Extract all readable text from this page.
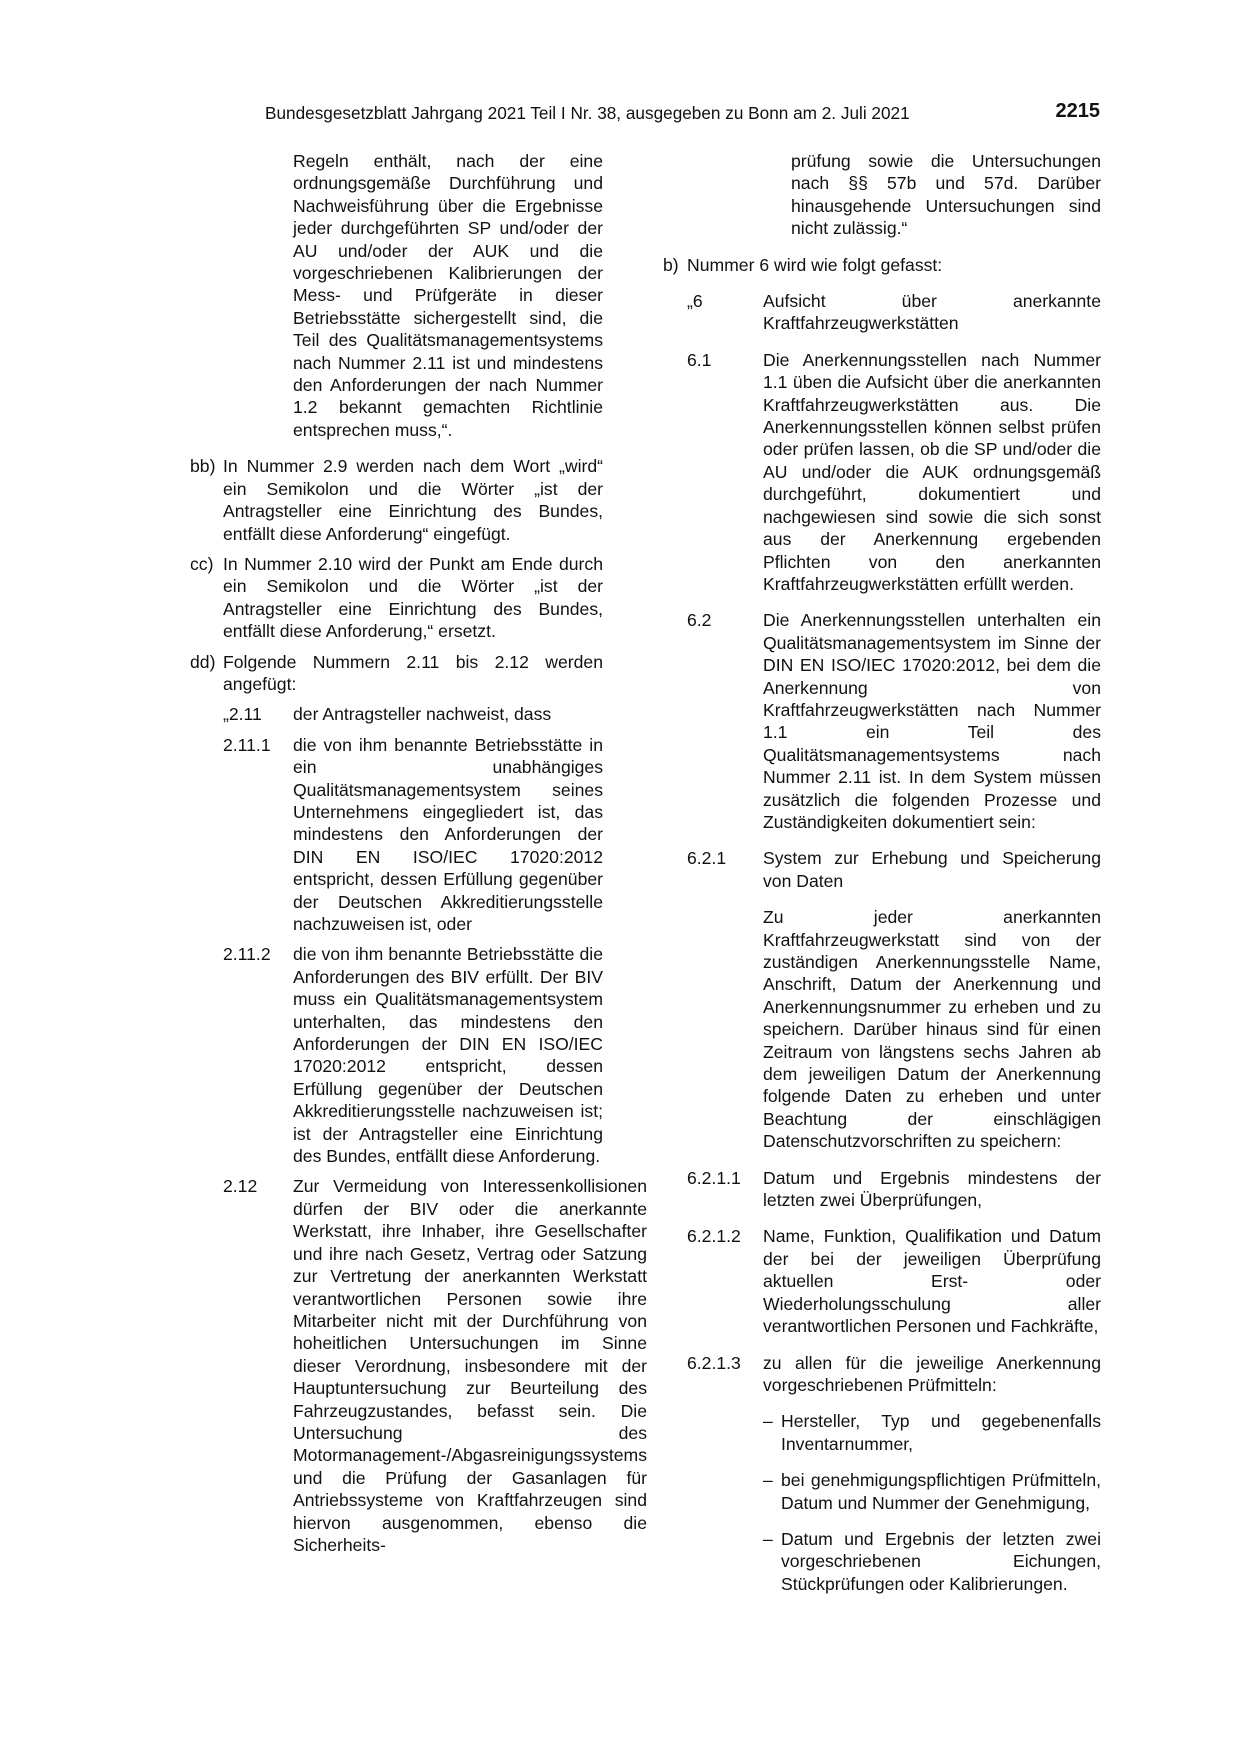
Bundesgesetzblatt Jahrgang 2021 Teil I Nr. 38, ausgegeben zu Bonn am 2. Juli 2021	2215

Regeln enthält, nach der eine ordnungsgemäße Durchführung und Nachweisführung über die Ergebnisse jeder durchgeführten SP und/oder der AU und/oder der AUK und die vorgeschriebenen Kalibrierungen der Mess- und Prüfgeräte in dieser Betriebsstätte sichergestellt sind, die Teil des Qualitätsmanagementsystems nach Nummer 2.11 ist und mindestens den Anforderungen der nach Nummer 1.2 bekannt gemachten Richtlinie entsprechen muss,“.

bb) In Nummer 2.9 werden nach dem Wort „wird“ ein Semikolon und die Wörter „ist der Antragsteller eine Einrichtung des Bundes, entfällt diese Anforderung“ eingefügt.
cc) In Nummer 2.10 wird der Punkt am Ende durch ein Semikolon und die Wörter „ist der Antragsteller eine Einrichtung des Bundes, entfällt diese Anforderung,“ ersetzt.
dd) Folgende Nummern 2.11 bis 2.12 werden angefügt:
„2.11	der Antragsteller nachweist, dass
2.11.1	die von ihm benannte Betriebsstätte in ein unabhängiges Qualitätsmanagementsystem seines Unternehmens eingegliedert ist, das mindestens den Anforderungen der DIN EN ISO/IEC 17020:2012 entspricht, dessen Erfüllung gegenüber der Deutschen Akkreditierungsstelle nachzuweisen ist, oder
2.11.2	die von ihm benannte Betriebsstätte die Anforderungen des BIV erfüllt. Der BIV muss ein Qualitätsmanagementsystem unterhalten, das mindestens den Anforderungen der DIN EN ISO/IEC 17020:2012 entspricht, dessen Erfüllung gegenüber der Deutschen Akkreditierungsstelle nachzuweisen ist; ist der Antragsteller eine Einrichtung des Bundes, entfällt diese Anforderung.
2.12	Zur Vermeidung von Interessenkollisionen dürfen der BIV oder die anerkannte Werkstatt, ihre Inhaber, ihre Gesellschafter und ihre nach Gesetz, Vertrag oder Satzung zur Vertretung der anerkannten Werkstatt verantwortlichen Personen sowie ihre Mitarbeiter nicht mit der Durchführung von hoheitlichen Untersuchungen im Sinne dieser Verordnung, insbesondere mit der Hauptuntersuchung zur Beurteilung des Fahrzeugzustandes, befasst sein. Die Untersuchung des Motormanagement-/Abgasreinigungssystems und die Prüfung der Gasanlagen für Antriebssysteme von Kraftfahrzeugen sind hiervon ausgenommen, ebenso die Sicherheits-

prüfung sowie die Untersuchungen nach §§ 57b und 57d. Darüber hinausgehende Untersuchungen sind nicht zulässig.“

b) Nummer 6 wird wie folgt gefasst:
„6	Aufsicht über anerkannte Kraftfahrzeugwerkstätten
6.1	Die Anerkennungsstellen nach Nummer 1.1 üben die Aufsicht über die anerkannten Kraftfahrzeugwerkstätten aus. Die Anerkennungsstellen können selbst prüfen oder prüfen lassen, ob die SP und/oder die AU und/oder die AUK ordnungsgemäß durchgeführt, dokumentiert und nachgewiesen sind sowie die sich sonst aus der Anerkennung ergebenden Pflichten von den anerkannten Kraftfahrzeugwerkstätten erfüllt werden.
6.2	Die Anerkennungsstellen unterhalten ein Qualitätsmanagementsystem im Sinne der DIN EN ISO/IEC 17020:2012, bei dem die Anerkennung von Kraftfahrzeugwerkstätten nach Nummer 1.1 ein Teil des Qualitätsmanagementsystems nach Nummer 2.11 ist. In dem System müssen zusätzlich die folgenden Prozesse und Zuständigkeiten dokumentiert sein:
6.2.1	System zur Erhebung und Speicherung von Daten

Zu jeder anerkannten Kraftfahrzeugwerkstatt sind von der zuständigen Anerkennungsstelle Name, Anschrift, Datum der Anerkennung und Anerkennungsnummer zu erheben und zu speichern. Darüber hinaus sind für einen Zeitraum von längstens sechs Jahren ab dem jeweiligen Datum der Anerkennung folgende Daten zu erheben und unter Beachtung der einschlägigen Datenschutzvorschriften zu speichern:

6.2.1.1	Datum und Ergebnis mindestens der letzten zwei Überprüfungen,
6.2.1.2	Name, Funktion, Qualifikation und Datum der bei der jeweiligen Überprüfung aktuellen Erst- oder Wiederholungsschulung aller verantwortlichen Personen und Fachkräfte,
6.2.1.3	zu allen für die jeweilige Anerkennung vorgeschriebenen Prüfmitteln:
– Hersteller, Typ und gegebenenfalls Inventarnummer,
– bei genehmigungspflichtigen Prüfmitteln, Datum und Nummer der Genehmigung,
– Datum und Ergebnis der letzten zwei vorgeschriebenen Eichungen, Stückprüfungen oder Kalibrierungen.
